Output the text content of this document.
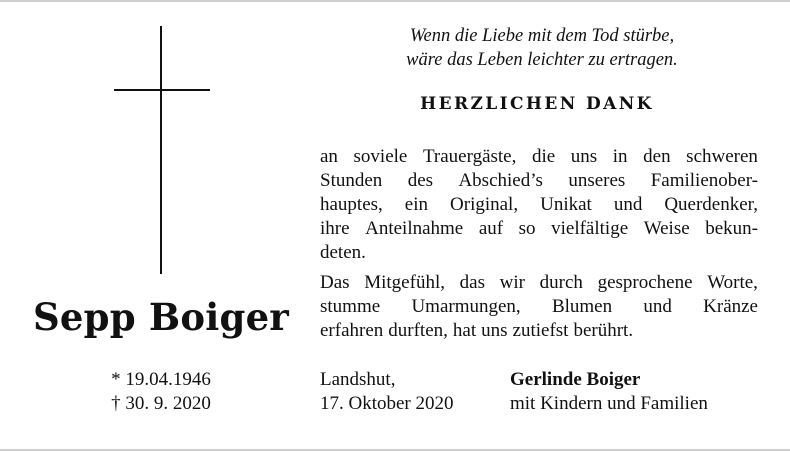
Sepp Boiger
* 19.04.1946
† 30. 9. 2020
Wenn die Liebe mit dem Tod stürbe,
wäre das Leben leichter zu ertragen.
HERZLICHEN DANK
an soviele Trauergäste, die uns in den schweren
Stunden des Abschied’s unseres Familienober-
hauptes, ein Original, Unikat und Querdenker,
ihre Anteilnahme auf so vielfältige Weise bekun-
deten.
Das Mitgefühl, das wir durch gesprochene Worte,
stumme Umarmungen, Blumen und Kränze
erfahren durften, hat uns zutiefst berührt.
Landshut,
17. Oktober 2020
Gerlinde Boiger
mit Kindern und Familien
